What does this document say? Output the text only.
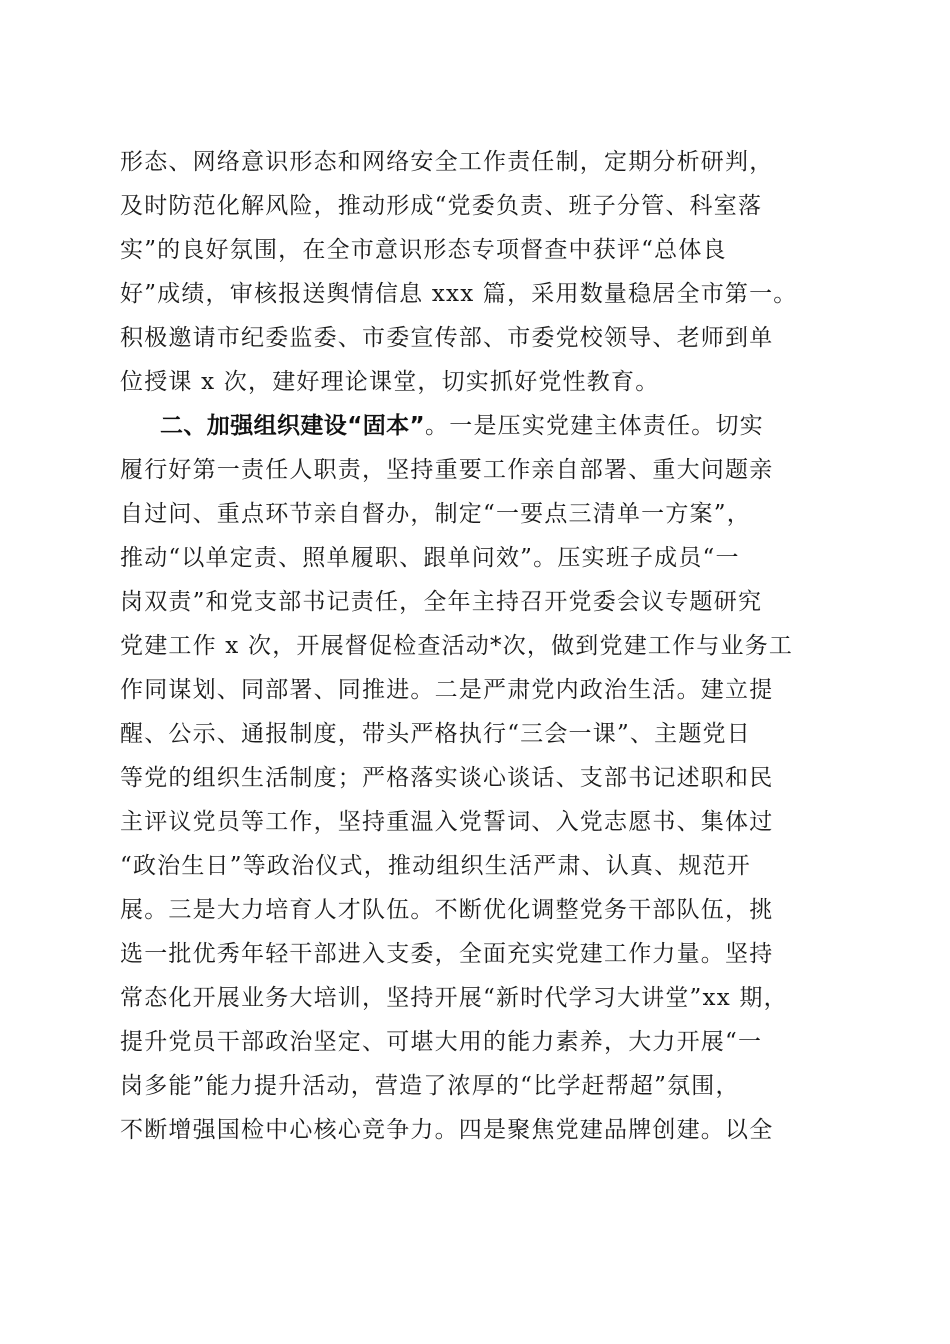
形态、网络意识形态和网络安全工作责任制，定期分析研判，
及时防范化解风险，推动形成“党委负责、班子分管、科室落
实”的良好氛围，在全市意识形态专项督查中获评“总体良
好”成绩，审核报送舆情信息 xxx 篇，采用数量稳居全市第一。
积极邀请市纪委监委、市委宣传部、市委党校领导、老师到单
位授课 x 次，建好理论课堂，切实抓好党性教育。
二、加强组织建设“固本”。一是压实党建主体责任。切实
履行好第一责任人职责，坚持重要工作亲自部署、重大问题亲
自过问、重点环节亲自督办，制定“一要点三清单一方案”，
推动“以单定责、照单履职、跟单问效”。压实班子成员“一
岗双责”和党支部书记责任，全年主持召开党委会议专题研究
党建工作 x 次，开展督促检查活动*次，做到党建工作与业务工
作同谋划、同部署、同推进。二是严肃党内政治生活。建立提
醒、公示、通报制度，带头严格执行“三会一课”、主题党日
等党的组织生活制度；严格落实谈心谈话、支部书记述职和民
主评议党员等工作，坚持重温入党誓词、入党志愿书、集体过
“政治生日”等政治仪式，推动组织生活严肃、认真、规范开
展。三是大力培育人才队伍。不断优化调整党务干部队伍，挑
选一批优秀年轻干部进入支委，全面充实党建工作力量。坚持
常态化开展业务大培训，坚持开展“新时代学习大讲堂”xx 期，
提升党员干部政治坚定、可堪大用的能力素养，大力开展“一
岗多能”能力提升活动，营造了浓厚的“比学赶帮超”氛围，
不断增强国检中心核心竞争力。四是聚焦党建品牌创建。以全
